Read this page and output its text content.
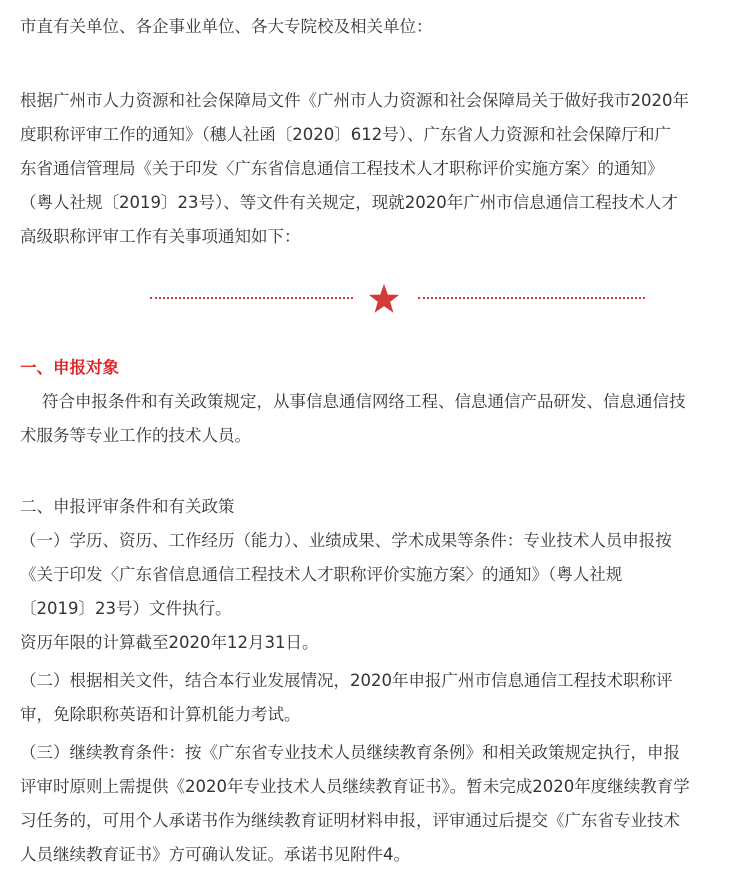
市直有关单位、各企事业单位、各大专院校及相关单位：
根据广州市人力资源和社会保障局文件《广州市人力资源和社会保障局关于做好我市2020年
度职称评审工作的通知》（穗人社函〔2020〕612号）、广东省人力资源和社会保障厅和广
东省通信管理局《关于印发〈广东省信息通信工程技术人才职称评价实施方案〉的通知》
（粤人社规〔2019〕23号）、等文件有关规定，现就2020年广州市信息通信工程技术人才
高级职称评审工作有关事项通知如下：
一、申报对象
符合申报条件和有关政策规定，从事信息通信网络工程、信息通信产品研发、信息通信技
术服务等专业工作的技术人员。
二、申报评审条件和有关政策
（一）学历、资历、工作经历（能力）、业绩成果、学术成果等条件：专业技术人员申报按
《关于印发〈广东省信息通信工程技术人才职称评价实施方案〉的通知》（粤人社规
〔2019〕23号）文件执行。
资历年限的计算截至2020年12月31日。
（二）根据相关文件，结合本行业发展情况，2020年申报广州市信息通信工程技术职称评
审，免除职称英语和计算机能力考试。
（三）继续教育条件：按《广东省专业技术人员继续教育条例》和相关政策规定执行，申报
评审时原则上需提供《2020年专业技术人员继续教育证书》。暂未完成2020年度继续教育学
习任务的，可用个人承诺书作为继续教育证明材料申报，评审通过后提交《广东省专业技术
人员继续教育证书》方可确认发证。承诺书见附件4。
